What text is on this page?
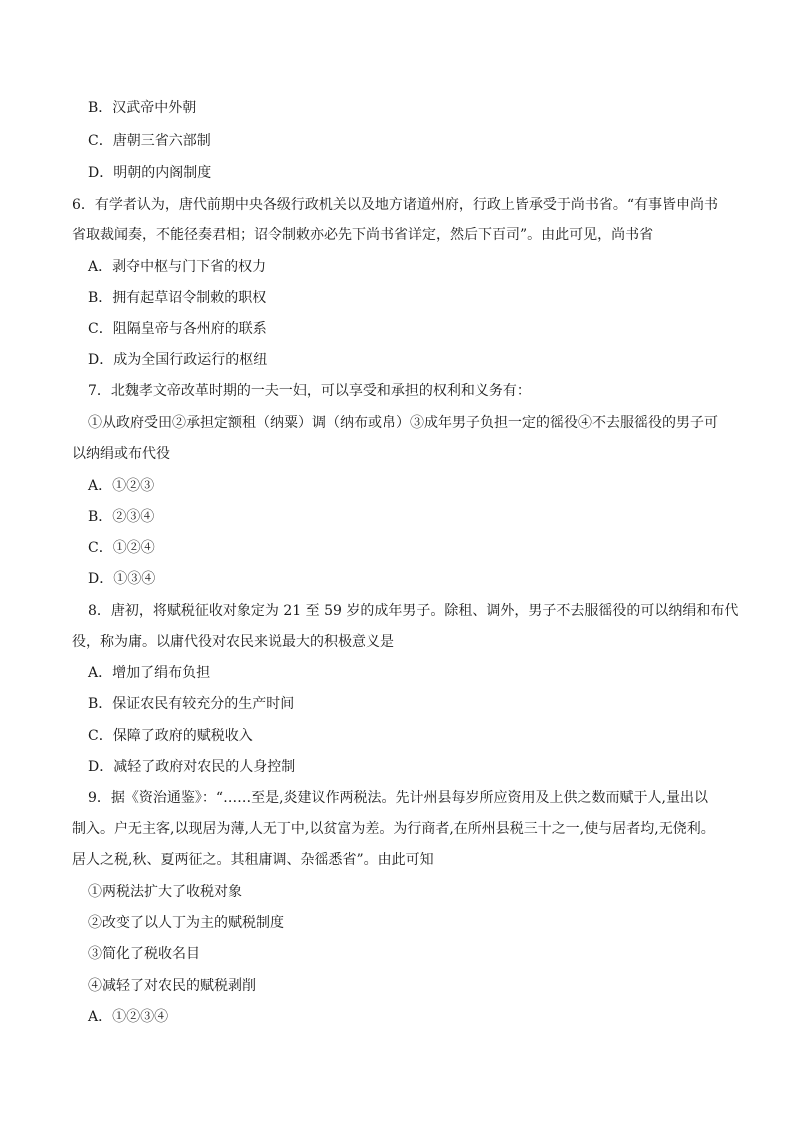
B．汉武帝中外朝
C．唐朝三省六部制
D．明朝的内阁制度
6．有学者认为，唐代前期中央各级行政机关以及地方诸道州府，行政上皆承受于尚书省。“有事皆申尚书
省取裁闻奏，不能径奏君相；诏令制敕亦必先下尚书省详定，然后下百司”。由此可见，尚书省
A．剥夺中枢与门下省的权力
B．拥有起草诏令制敕的职权
C．阻隔皇帝与各州府的联系
D．成为全国行政运行的枢纽
7．北魏孝文帝改革时期的一夫一妇，可以享受和承担的权利和义务有：
①从政府受田②承担定额租（纳粟）调（纳布或帛）③成年男子负担一定的徭役④不去服徭役的男子可
以纳绢或布代役
A．①②③
B．②③④
C．①②④
D．①③④
8．唐初，将赋税征收对象定为 21 至 59 岁的成年男子。除租、调外，男子不去服徭役的可以纳绢和布代
役，称为庸。以庸代役对农民来说最大的积极意义是
A．增加了绢布负担
B．保证农民有较充分的生产时间
C．保障了政府的赋税收入
D．减轻了政府对农民的人身控制
9．据《资治通鉴》：“……至是,炎建议作两税法。先计州县每岁所应资用及上供之数而赋于人,量出以
制入。户无主客,以现居为薄,人无丁中,以贫富为差。为行商者,在所州县税三十之一,使与居者均,无侥利。
居人之税,秋、夏两征之。其租庸调、杂徭悉省”。由此可知
①两税法扩大了收税对象
②改变了以人丁为主的赋税制度
③简化了税收名目
④减轻了对农民的赋税剥削
A．①②③④
